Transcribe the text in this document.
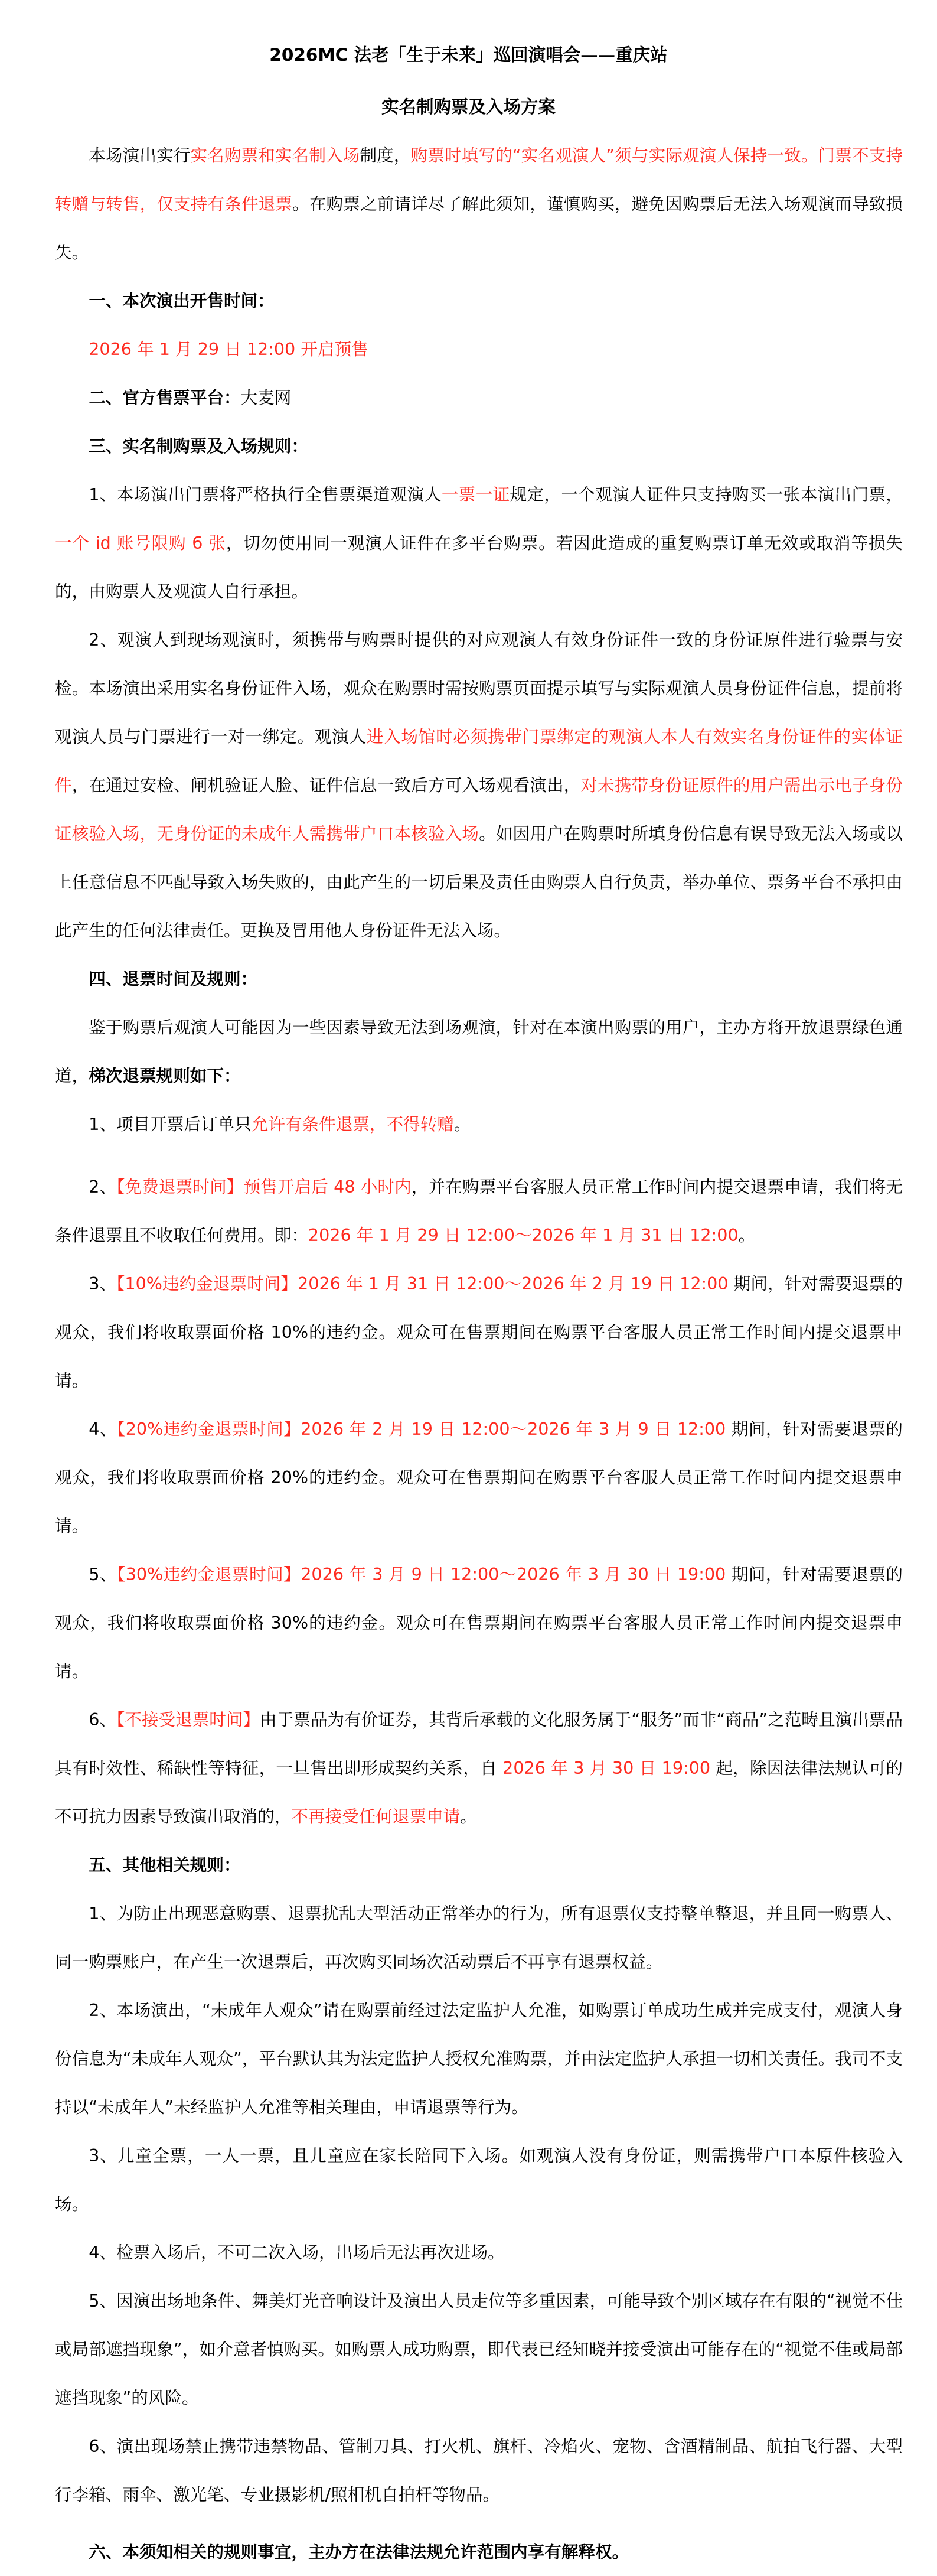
2026MC 法老「生于未来」巡回演唱会——重庆站
实名制购票及入场方案

本场演出实行实名购票和实名制入场制度，购票时填写的“实名观演人”须与实际观演人保持一致。门票不支持转赠与转售，仅支持有条件退票。在购票之前请详尽了解此须知，谨慎购买，避免因购票后无法入场观演而导致损失。

一、本次演出开售时间：

2026 年 1 月 29 日 12:00 开启预售

二、官方售票平台：大麦网

三、实名制购票及入场规则：

1、本场演出门票将严格执行全售票渠道观演人一票一证规定，一个观演人证件只支持购买一张本演出门票，一个 id 账号限购 6 张，切勿使用同一观演人证件在多平台购票。若因此造成的重复购票订单无效或取消等损失的，由购票人及观演人自行承担。

2、观演人到现场观演时，须携带与购票时提供的对应观演人有效身份证件一致的身份证原件进行验票与安检。本场演出采用实名身份证件入场，观众在购票时需按购票页面提示填写与实际观演人员身份证件信息，提前将观演人员与门票进行一对一绑定。观演人进入场馆时必须携带门票绑定的观演人本人有效实名身份证件的实体证件，在通过安检、闸机验证人脸、证件信息一致后方可入场观看演出，对未携带身份证原件的用户需出示电子身份证核验入场，无身份证的未成年人需携带户口本核验入场。如因用户在购票时所填身份信息有误导致无法入场或以上任意信息不匹配导致入场失败的，由此产生的一切后果及责任由购票人自行负责，举办单位、票务平台不承担由此产生的任何法律责任。更换及冒用他人身份证件无法入场。

四、退票时间及规则：

鉴于购票后观演人可能因为一些因素导致无法到场观演，针对在本演出购票的用户，主办方将开放退票绿色通道，梯次退票规则如下：

1、项目开票后订单只允许有条件退票，不得转赠。

2、【免费退票时间】预售开启后 48 小时内，并在购票平台客服人员正常工作时间内提交退票申请，我们将无条件退票且不收取任何费用。即：2026 年 1 月 29 日 12:00～2026 年 1 月 31 日 12:00。

3、【10%违约金退票时间】2026 年 1 月 31 日 12:00～2026 年 2 月 19 日 12:00 期间，针对需要退票的观众，我们将收取票面价格 10%的违约金。观众可在售票期间在购票平台客服人员正常工作时间内提交退票申请。

4、【20%违约金退票时间】2026 年 2 月 19 日 12:00～2026 年 3 月 9 日 12:00 期间，针对需要退票的观众，我们将收取票面价格 20%的违约金。观众可在售票期间在购票平台客服人员正常工作时间内提交退票申请。

5、【30%违约金退票时间】2026 年 3 月 9 日 12:00～2026 年 3 月 30 日 19:00 期间，针对需要退票的观众，我们将收取票面价格 30%的违约金。观众可在售票期间在购票平台客服人员正常工作时间内提交退票申请。

6、【不接受退票时间】由于票品为有价证券，其背后承载的文化服务属于“服务”而非“商品”之范畴且演出票品具有时效性、稀缺性等特征，一旦售出即形成契约关系，自 2026 年 3 月 30 日 19:00 起，除因法律法规认可的不可抗力因素导致演出取消的，不再接受任何退票申请。

五、其他相关规则：

1、为防止出现恶意购票、退票扰乱大型活动正常举办的行为，所有退票仅支持整单整退，并且同一购票人、同一购票账户，在产生一次退票后，再次购买同场次活动票后不再享有退票权益。

2、本场演出，“未成年人观众”请在购票前经过法定监护人允准，如购票订单成功生成并完成支付，观演人身份信息为“未成年人观众”，平台默认其为法定监护人授权允准购票，并由法定监护人承担一切相关责任。我司不支持以“未成年人”未经监护人允准等相关理由，申请退票等行为。

3、儿童全票，一人一票，且儿童应在家长陪同下入场。如观演人没有身份证，则需携带户口本原件核验入场。

4、检票入场后，不可二次入场，出场后无法再次进场。

5、因演出场地条件、舞美灯光音响设计及演出人员走位等多重因素，可能导致个别区域存在有限的“视觉不佳或局部遮挡现象”，如介意者慎购买。如购票人成功购票，即代表已经知晓并接受演出可能存在的“视觉不佳或局部遮挡现象”的风险。

6、演出现场禁止携带违禁物品、管制刀具、打火机、旗杆、冷焰火、宠物、含酒精制品、航拍飞行器、大型行李箱、雨伞、激光笔、专业摄影机/照相机自拍杆等物品。

六、本须知相关的规则事宜，主办方在法律法规允许范围内享有解释权。
